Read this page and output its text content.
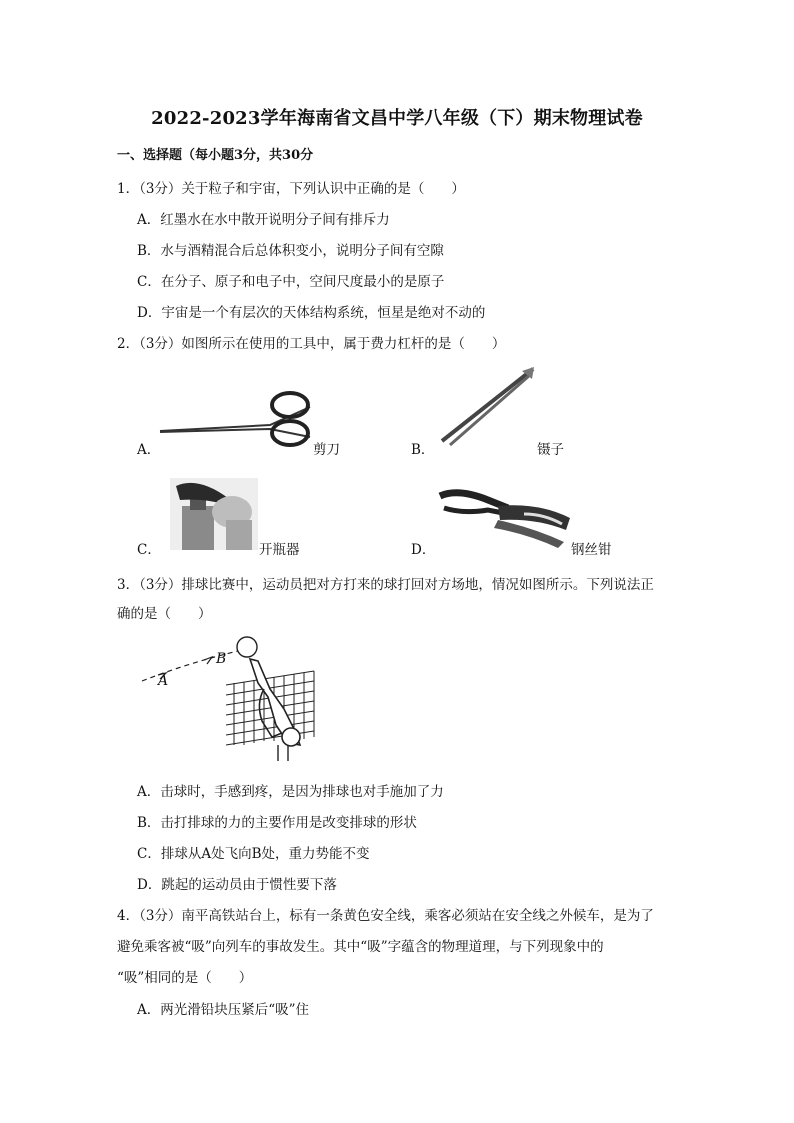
2022-2023学年海南省文昌中学八年级（下）期末物理试卷
一、选择题（每小题3分，共30分
1．（3分）关于粒子和宇宙，下列认识中正确的是（　　）
A．红墨水在水中散开说明分子间有排斥力
B．水与酒精混合后总体积变小，说明分子间有空隙
C．在分子、原子和电子中，空间尺度最小的是原子
D．宇宙是一个有层次的天体结构系统，恒星是绝对不动的
2．（3分）如图所示在使用的工具中，属于费力杠杆的是（　　）
A．	剪刀	B．	镊子
C．	开瓶器	D．	钢丝钳
3．（3分）排球比赛中，运动员把对方打来的球打回对方场地，情况如图所示。下列说法正
确的是（　　）
A
B
A．击球时，手感到疼，是因为排球也对手施加了力
B．击打排球的力的主要作用是改变排球的形状
C．排球从A处飞向B处，重力势能不变
D．跳起的运动员由于惯性要下落
4．（3分）南平高铁站台上，标有一条黄色安全线，乘客必须站在安全线之外候车，是为了
避免乘客被“吸”向列车的事故发生。其中“吸”字蕴含的物理道理，与下列现象中的
“吸”相同的是（　　）
A．两光滑铅块压紧后“吸”住
